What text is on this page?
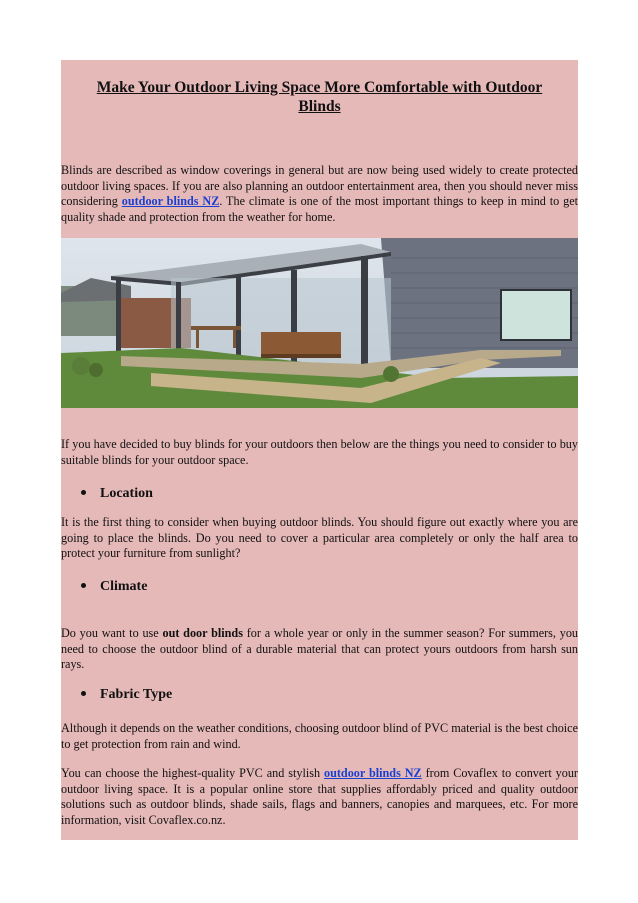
Make Your Outdoor Living Space More Comfortable with Outdoor
Blinds

Blinds are described as window coverings in general but are now being used widely to create protected outdoor living spaces. If you are also planning an outdoor entertainment area, then you should never miss considering outdoor blinds NZ. The climate is one of the most important things to keep in mind to get quality shade and protection from the weather for home.

If you have decided to buy blinds for your outdoors then below are the things you need to consider to buy suitable blinds for your outdoor space.

Location

It is the first thing to consider when buying outdoor blinds. You should figure out exactly where you are going to place the blinds. Do you need to cover a particular area completely or only the half area to protect your furniture from sunlight?

Climate

Do you want to use out door blinds for a whole year or only in the summer season? For summers, you need to choose the outdoor blind of a durable material that can protect yours outdoors from harsh sun rays.

Fabric Type

Although it depends on the weather conditions, choosing outdoor blind of PVC material is the best choice to get protection from rain and wind.

You can choose the highest-quality PVC and stylish outdoor blinds NZ from Covaflex to convert your outdoor living space. It is a popular online store that supplies affordably priced and quality outdoor solutions such as outdoor blinds, shade sails, flags and banners, canopies and marquees, etc. For more information, visit Covaflex.co.nz.
